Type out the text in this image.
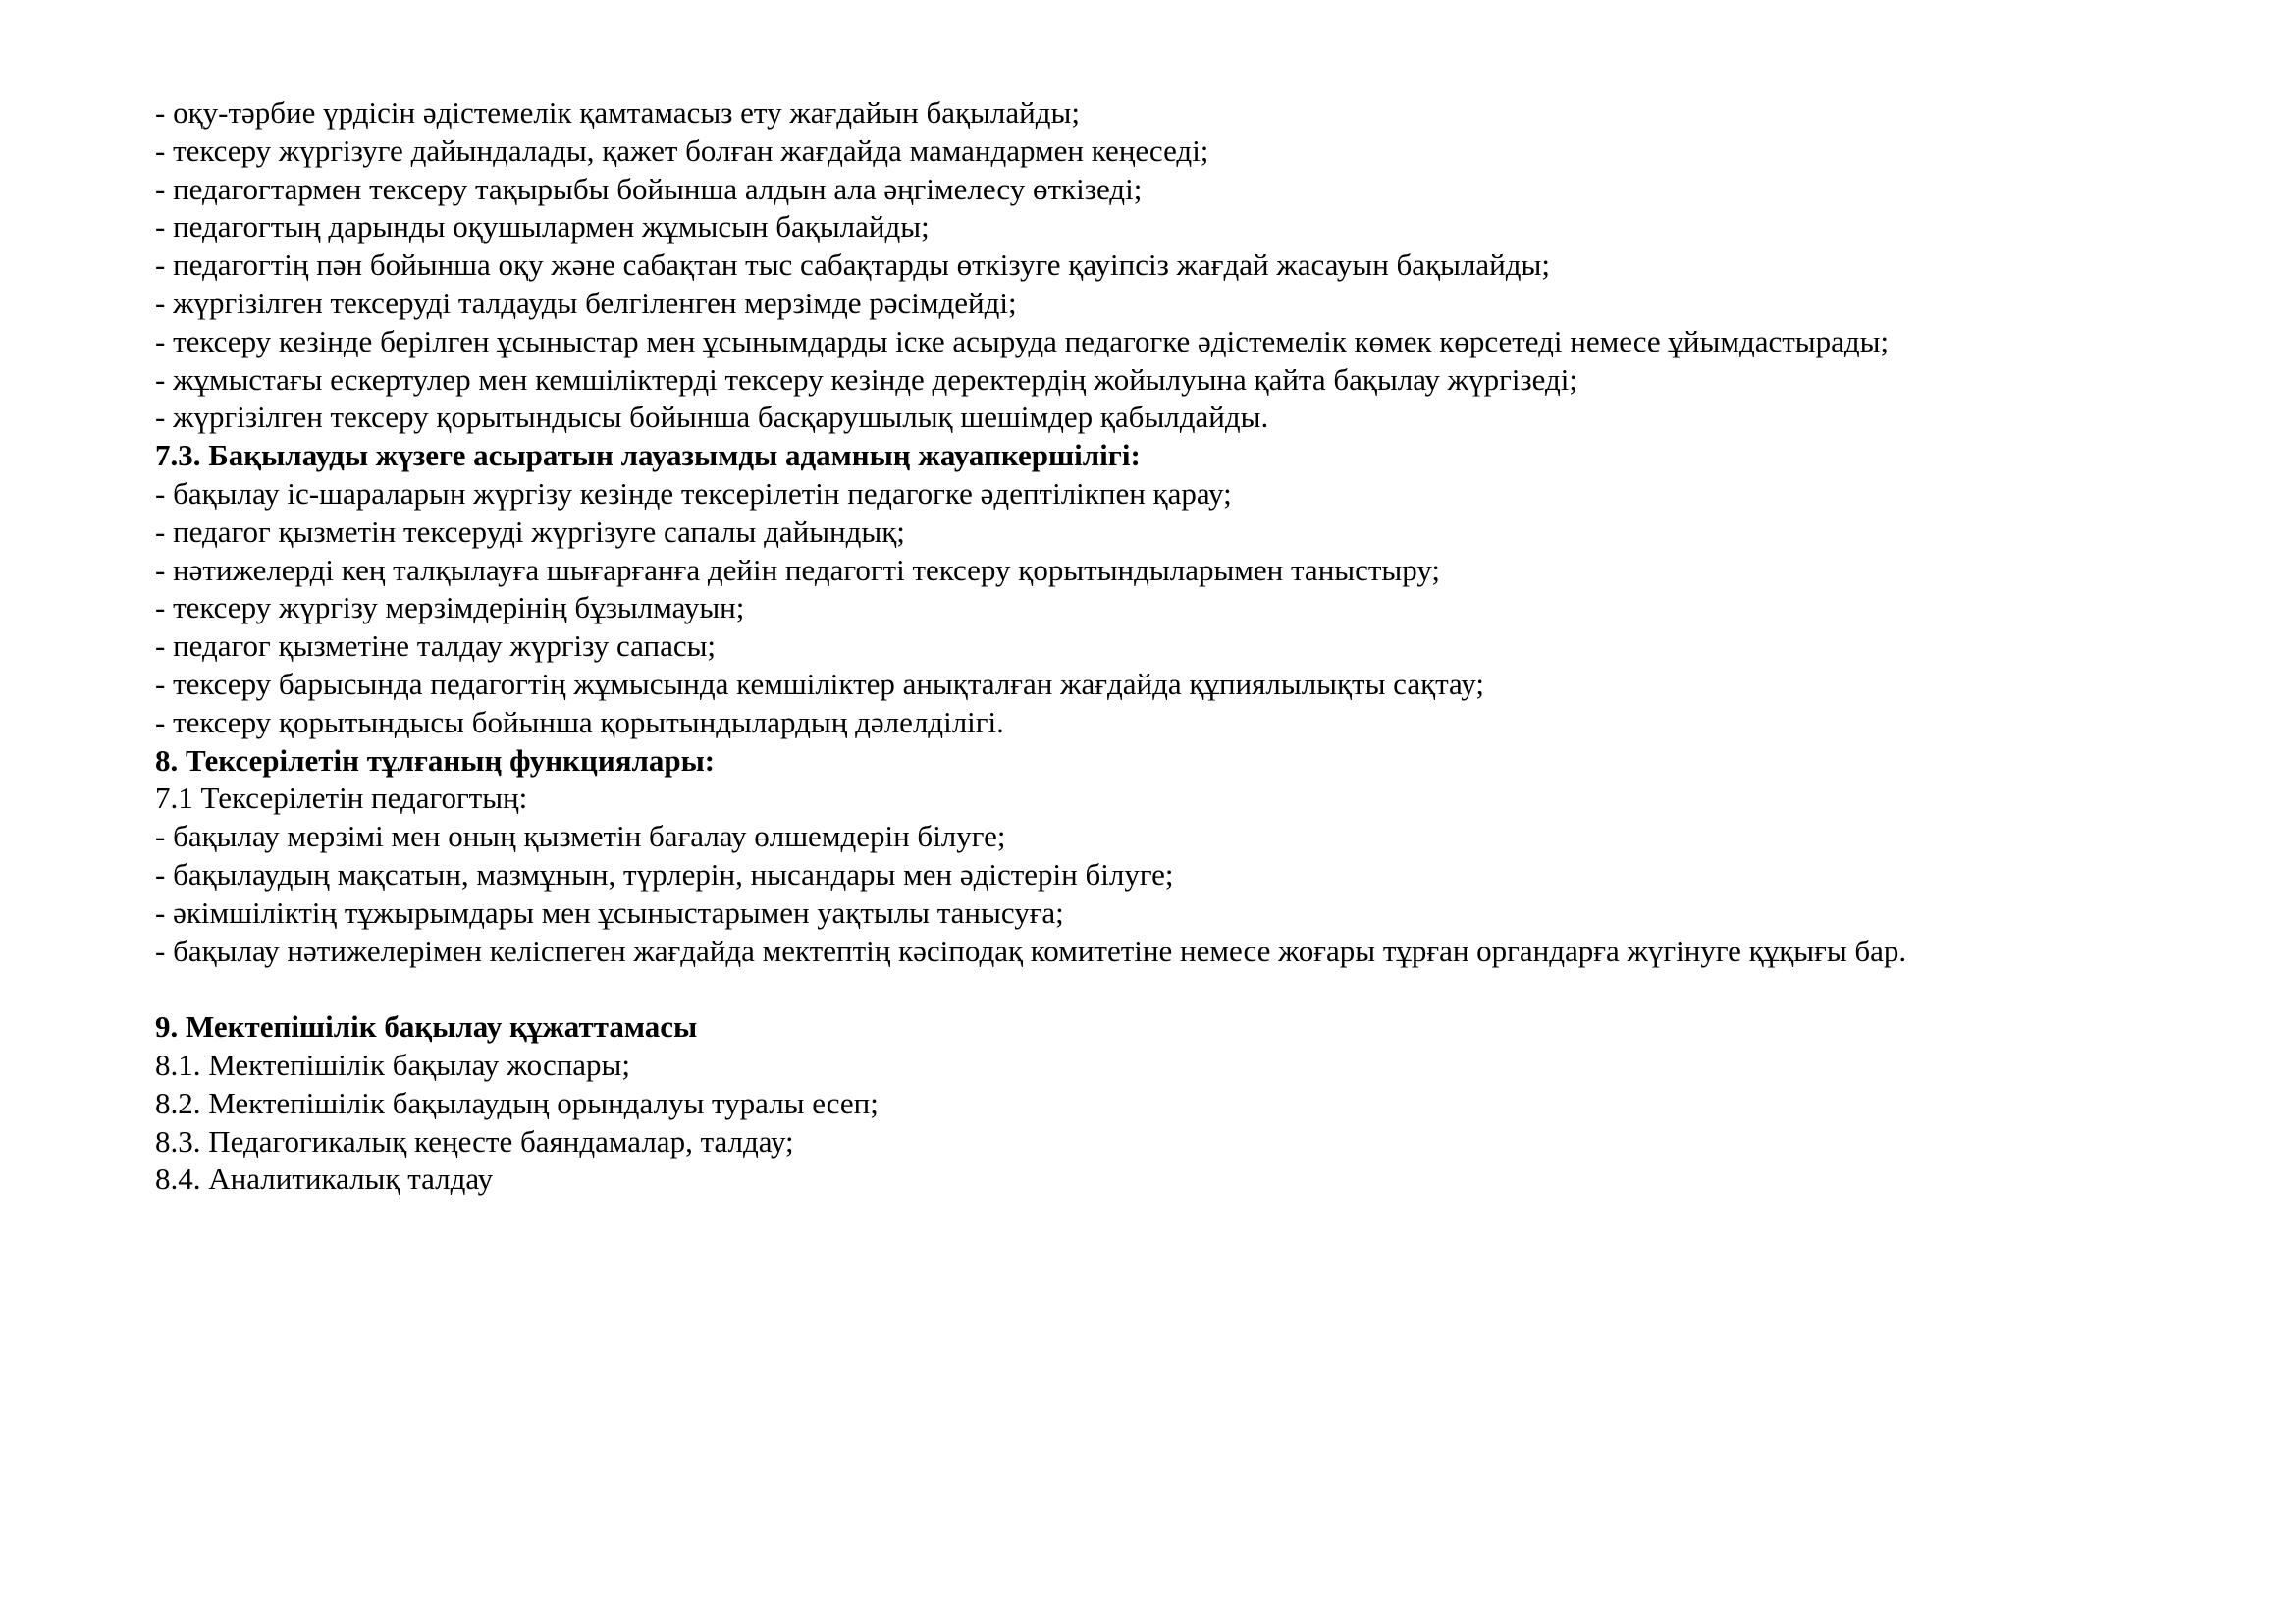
- оқу-тәрбие үрдісін әдістемелік қамтамасыз ету жағдайын бақылайды;
- тексеру жүргізуге дайындалады, қажет болған жағдайда мамандармен кеңеседі;
- педагогтармен тексеру тақырыбы бойынша алдын ала әңгімелесу өткізеді;
- педагогтың дарынды оқушылармен жұмысын бақылайды;
- педагогтің пән бойынша оқу және сабақтан тыс сабақтарды өткізуге қауіпсіз жағдай жасауын бақылайды;
- жүргізілген тексеруді талдауды белгіленген мерзімде рәсімдейді;
- тексеру кезінде берілген ұсыныстар мен ұсынымдарды іске асыруда педагогке әдістемелік көмек көрсетеді немесе ұйымдастырады;
- жұмыстағы ескертулер мен кемшіліктерді тексеру кезінде деректердің жойылуына қайта бақылау жүргізеді;
- жүргізілген тексеру қорытындысы бойынша басқарушылық шешімдер қабылдайды.
7.3. Бақылауды жүзеге асыратын лауазымды адамның жауапкершілігі:
- бақылау іс-шараларын жүргізу кезінде тексерілетін педагогке әдептілікпен қарау;
- педагог қызметін тексеруді жүргізуге сапалы дайындық;
- нәтижелерді кең талқылауға шығарғанға дейін педагогті тексеру қорытындыларымен таныстыру;
- тексеру жүргізу мерзімдерінің бұзылмауын;
- педагог қызметіне талдау жүргізу сапасы;
- тексеру барысында педагогтің жұмысында кемшіліктер анықталған жағдайда құпиялылықты сақтау;
- тексеру қорытындысы бойынша қорытындылардың дәлелділігі.
8. Тексерілетін тұлғаның функциялары:
7.1 Тексерілетін педагогтың:
- бақылау мерзімі мен оның қызметін бағалау өлшемдерін білуге;
- бақылаудың мақсатын, мазмұнын, түрлерін, нысандары мен әдістерін білуге;
- әкімшіліктің тұжырымдары мен ұсыныстарымен уақтылы танысуға;
- бақылау нәтижелерімен келіспеген жағдайда мектептің кәсіподақ комитетіне немесе жоғары тұрған органдарға жүгінуге құқығы бар.
9. Мектепішілік бақылау құжаттамасы
8.1. Мектепішілік бақылау жоспары;
8.2. Мектепішілік бақылаудың орындалуы туралы есеп;
8.3. Педагогикалық кеңесте баяндамалар, талдау;
8.4. Аналитикалық талдау
